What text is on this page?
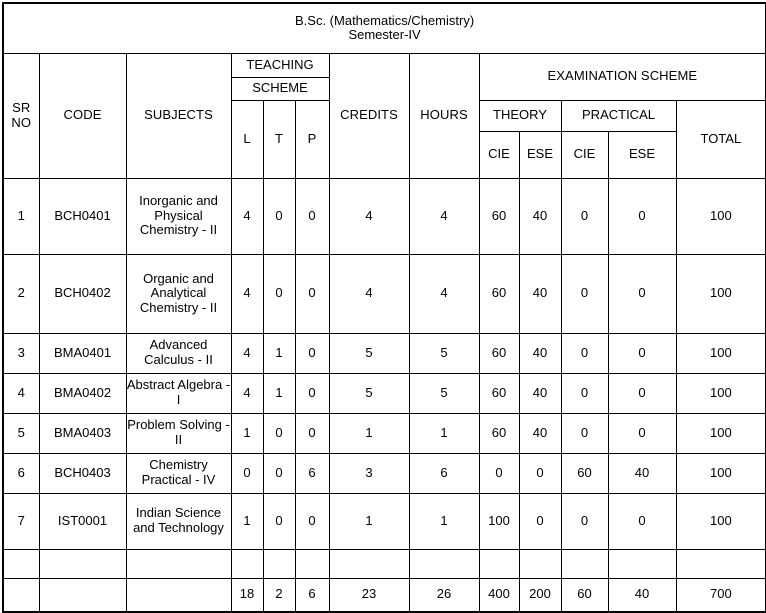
B.Sc. (Mathematics/Chemistry)
Semester-IV												

SR
NO	CODE	SUBJECTS	TEACHING			CREDITS	HOURS	EXAMINATION SCHEME				
			SCHEME									
			L	T	P			THEORY		PRACTICAL		TOTAL
								CIE	ESE	CIE	ESE	
1	BCH0401	Inorganic and Physical Chemistry - II	4	0	0	4	4	60	40	0	0	100
2	BCH0402	Organic and Analytical Chemistry - II	4	0	0	4	4	60	40	0	0	100
3	BMA0401	Advanced Calculus - II	4	1	0	5	5	60	40	0	0	100
4	BMA0402	Abstract Algebra - I	4	1	0	5	5	60	40	0	0	100
5	BMA0403	Problem Solving - II	1	0	0	1	1	60	40	0	0	100
6	BCH0403	Chemistry Practical - IV	0	0	6	3	6	0	0	60	40	100
7	IST0001	Indian Science and Technology	1	0	0	1	1	100	0	0	0	100

			18	2	6	23	26	400	200	60	40	700
